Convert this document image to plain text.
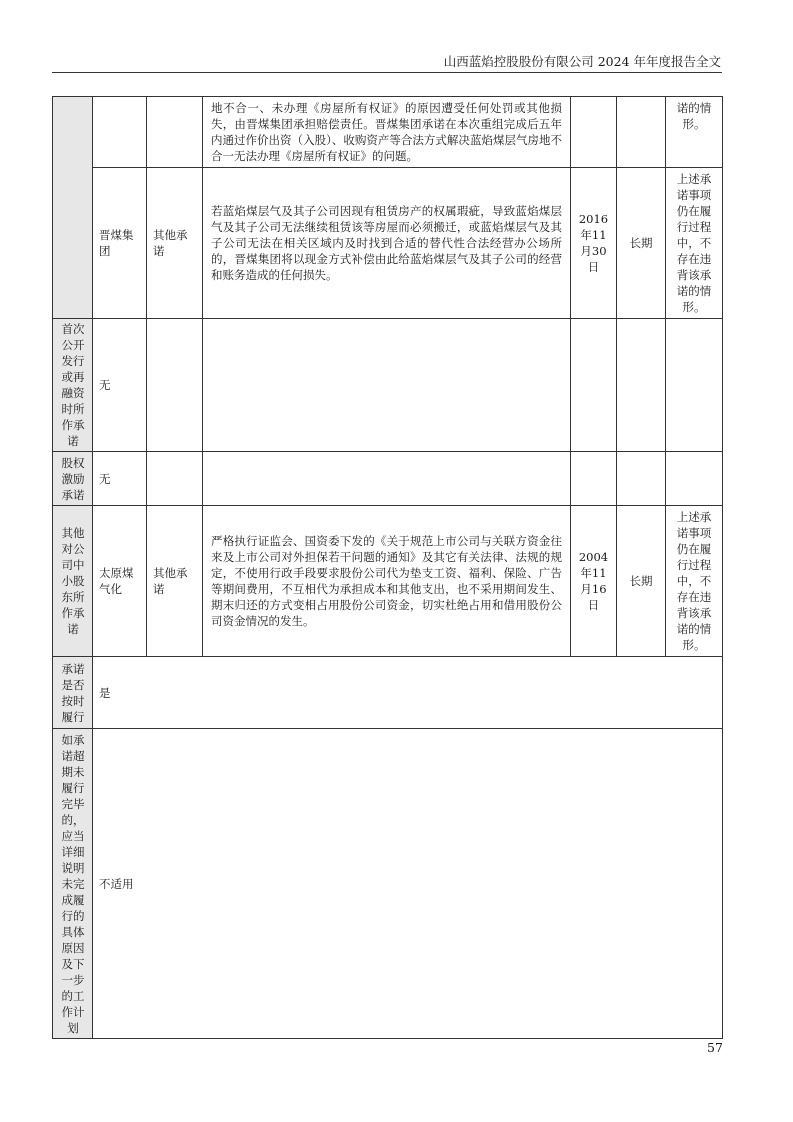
山西蓝焰控股股份有限公司 2024 年年度报告全文
			地不合一、未办理《房屋所有权证》的原因遭受任何处罚或其他损失，由晋煤集团承担赔偿责任。晋煤集团承诺在本次重组完成后五年内通过作价出资（入股）、收购资产等合法方式解决蓝焰煤层气房地不合一无法办理《房屋所有权证》的问题。			诺的情形。
	晋煤集团	其他承诺	若蓝焰煤层气及其子公司因现有租赁房产的权属瑕疵，导致蓝焰煤层气及其子公司无法继续租赁该等房屋而必须搬迁，或蓝焰煤层气及其子公司无法在相关区域内及时找到合适的替代性合法经营办公场所的，晋煤集团将以现金方式补偿由此给蓝焰煤层气及其子公司的经营和账务造成的任何损失。	2016年11月30日	长期	上述承诺事项仍在履行过程中，不存在违背该承诺的情形。

首次公开发行或再融资时所作承诺	无					

股权激励承诺	无					

其他对公司中小股东所作承诺	太原煤气化	其他承诺	严格执行证监会、国资委下发的《关于规范上市公司与关联方资金往来及上市公司对外担保若干问题的通知》及其它有关法律、法规的规定，不使用行政手段要求股份公司代为垫支工资、福利、保险、广告等期间费用，不互相代为承担成本和其他支出，也不采用期间发生、期末归还的方式变相占用股份公司资金，切实杜绝占用和借用股份公司资金情况的发生。	2004年11月16日	长期	上述承诺事项仍在履行过程中，不存在违背该承诺的情形。

承诺是否按时履行	是					

如承诺超期未履行完毕的，应当详细说明未完成履行的具体原因及下一步的工作计划	不适用					
57
